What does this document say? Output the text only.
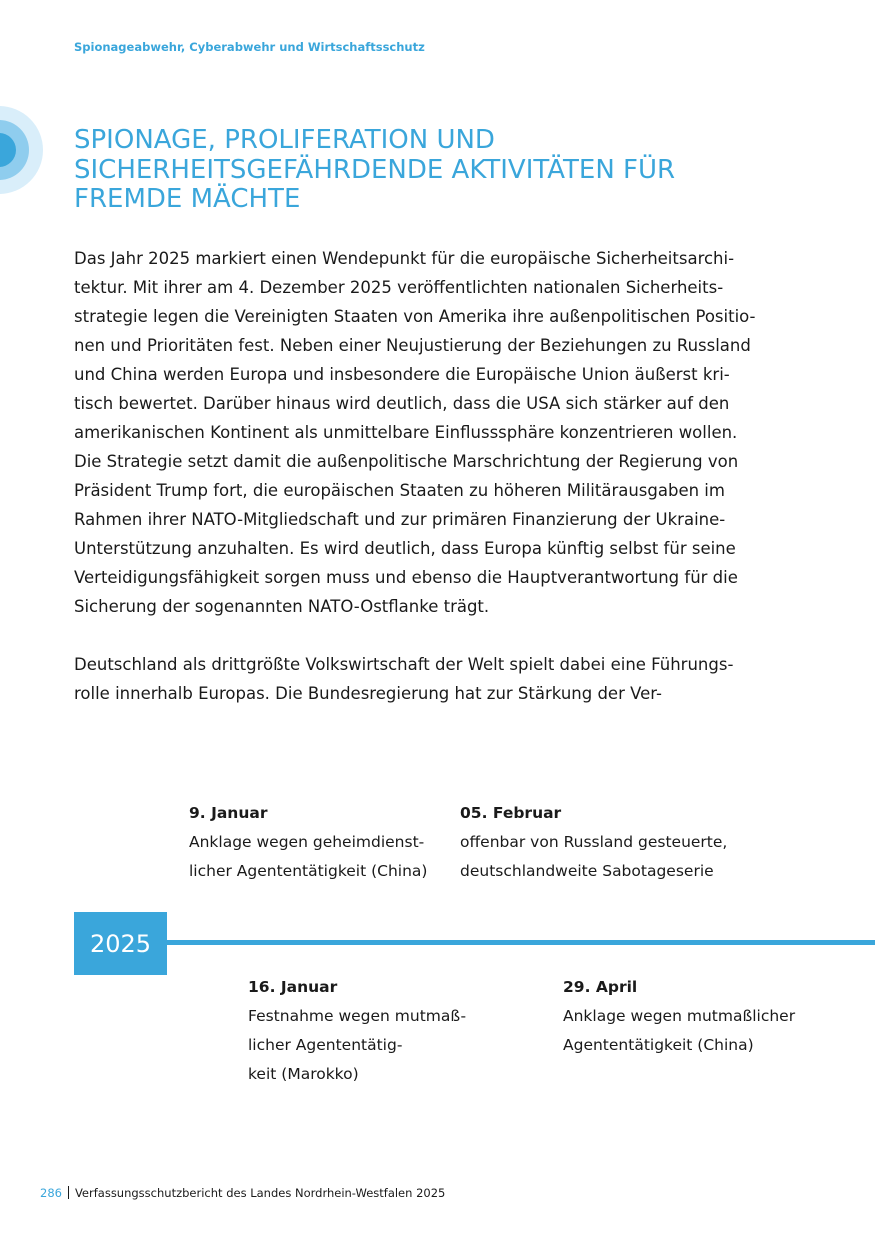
Spionageabwehr, Cyberabwehr und Wirtschaftsschutz
SPIONAGE, PROLIFERATION UND
SICHERHEITSGEFÄHRDENDE AKTIVITÄTEN FÜR
FREMDE MÄCHTE

Das Jahr 2025 markiert einen Wendepunkt für die europäische Sicherheitsarchi-
tektur. Mit ihrer am 4. Dezember 2025 veröffentlichten nationalen Sicherheits-
strategie legen die Vereinigten Staaten von Amerika ihre außenpolitischen Positio-
nen und Prioritäten fest. Neben einer Neujustierung der Beziehungen zu Russland
und China werden Europa und insbesondere die Europäische Union äußerst kri-
tisch bewertet. Darüber hinaus wird deutlich, dass die USA sich stärker auf den
amerikanischen Kontinent als unmittelbare Einflusssphäre konzentrieren wollen.
Die Strategie setzt damit die außenpolitische Marschrichtung der Regierung von
Präsident Trump fort, die europäischen Staaten zu höheren Militärausgaben im
Rahmen ihrer NATO-Mitgliedschaft und zur primären Finanzierung der Ukraine-
Unterstützung anzuhalten. Es wird deutlich, dass Europa künftig selbst für seine
Verteidigungsfähigkeit sorgen muss und ebenso die Hauptverantwortung für die
Sicherung der sogenannten NATO-Ostflanke trägt.

Deutschland als drittgrößte Volkswirtschaft der Welt spielt dabei eine Führungs-
rolle innerhalb Europas. Die Bundesregierung hat zur Stärkung der Ver-

9. Januar
Anklage wegen geheimdienst-
licher Agententätigkeit (China)
05. Februar
offenbar von Russland gesteuerte,
deutschlandweite Sabotageserie
2025
16. Januar
Festnahme wegen mutmaß-
licher Agententätig-
keit (Marokko)
29. April
Anklage wegen mutmaßlicher
Agententätigkeit (China)
286 Verfassungsschutzbericht des Landes Nordrhein-Westfalen 2025
